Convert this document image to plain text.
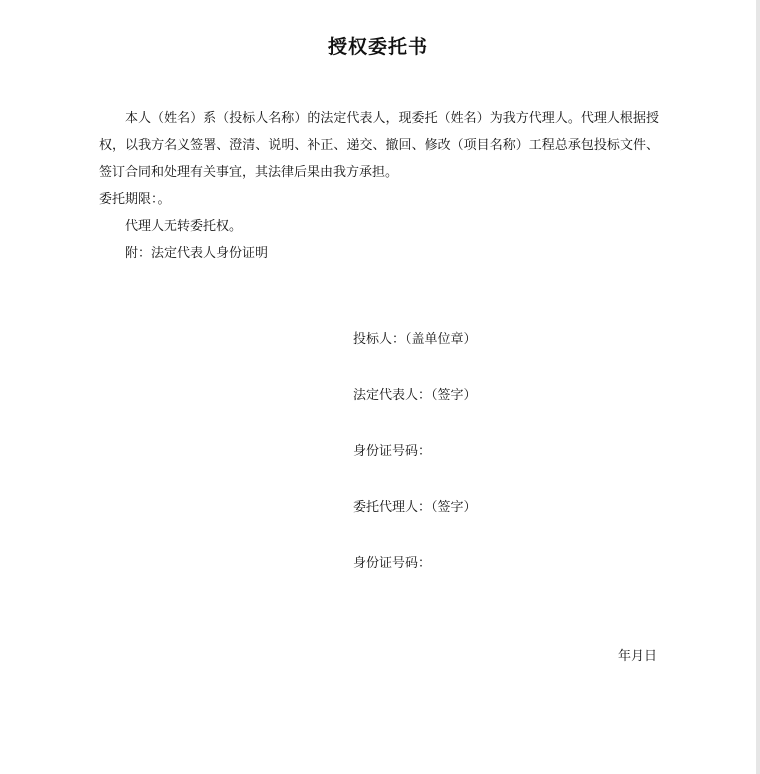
授权委托书

本人（姓名）系（投标人名称）的法定代表人，现委托（姓名）为我方代理人。代理人根据授权，以我方名义签署、澄清、说明、补正、递交、撤回、修改（项目名称）工程总承包投标文件、签订合同和处理有关事宜，其法律后果由我方承担。

委托期限：。

代理人无转委托权。

附：法定代表人身份证明

投标人：（盖单位章）
法定代表人：（签字）
身份证号码：
委托代理人：（签字）
身份证号码：
年月日
